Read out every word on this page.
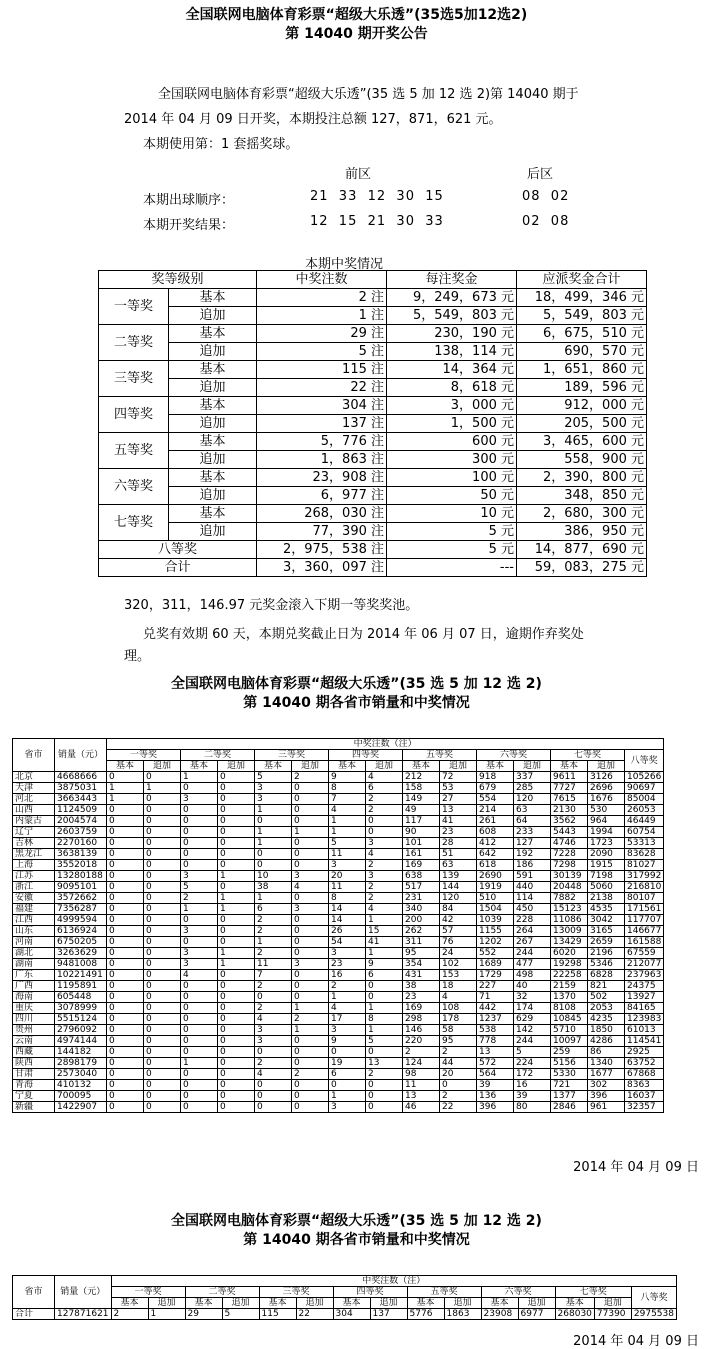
全国联网电脑体育彩票“超级大乐透”(35选5加12选2)
第 14040 期开奖公告
全国联网电脑体育彩票“超级大乐透”(35 选 5 加 12 选 2)第 14040 期于
2014 年 04 月 09 日开奖，本期投注总额 127，871，621 元。
本期使用第：1 套摇奖球。
前区	后区
本期出球顺序：	21  33  12  30  15	08  02
本期开奖结果：	12  15  21  30  33	02  08
本期中奖情况
奖等级别		中奖注数	每注奖金	应派奖金合计
一等奖	基本	2 注	9，249，673 元	18，499，346 元
	追加	1 注	5，549，803 元	5，549，803 元
二等奖	基本	29 注	230，190 元	6，675，510 元
	追加	5 注	138，114 元	690，570 元
三等奖	基本	115 注	14，364 元	1，651，860 元
	追加	22 注	8，618 元	189，596 元
四等奖	基本	304 注	3，000 元	912，000 元
	追加	137 注	1，500 元	205，500 元
五等奖	基本	5，776 注	600 元	3，465，600 元
	追加	1，863 注	300 元	558，900 元
六等奖	基本	23，908 注	100 元	2，390，800 元
	追加	6，977 注	50 元	348，850 元
七等奖	基本	268，030 注	10 元	2，680，300 元
	追加	77，390 注	5 元	386，950 元
八等奖		2，975，538 注	5 元	14，877，690 元
合计		3，360，097 注	---	59，083，275 元
320，311，146.97 元奖金滚入下期一等奖奖池。
兑奖有效期 60 天，本期兑奖截止日为 2014 年 06 月 07 日，逾期作弃奖处
理。
全国联网电脑体育彩票“超级大乐透”(35 选 5 加 12 选 2)
第 14040 期各省市销量和中奖情况
省市	销量（元）	中奖注数（注）														
		一等奖		二等奖		三等奖		四等奖		五等奖		六等奖		七等奖		八等奖
		基本	追加	基本	追加	基本	追加	基本	追加	基本	追加	基本	追加	基本	追加	
北京	4668666	0	0	1	0	5	2	9	4	212	72	918	337	9611	3126	105266
天津	3875031	1	1	0	0	3	0	8	6	158	53	679	285	7727	2696	90697
河北	3663443	1	0	3	0	3	0	7	2	149	27	554	120	7615	1676	85004
山西	1124509	0	0	0	0	1	0	4	2	49	13	214	63	2130	530	26053
内蒙古	2004574	0	0	0	0	0	0	1	0	117	41	261	64	3562	964	46449
辽宁	2603759	0	0	0	0	1	1	1	0	90	23	608	233	5443	1994	60754
吉林	2270160	0	0	0	0	1	0	5	3	101	28	412	127	4746	1723	53313
黑龙江	3638139	0	0	0	0	0	0	11	4	161	51	642	192	7228	2090	83628
上海	3552018	0	0	0	0	0	0	3	2	169	63	618	186	7298	1915	81027
江苏	13280188	0	0	3	1	10	3	20	3	638	139	2690	591	30139	7198	317992
浙江	9095101	0	0	5	0	38	4	11	2	517	144	1919	440	20448	5060	216810
安徽	3572662	0	0	2	1	1	0	8	2	231	120	510	114	7882	2138	80107
福建	7356287	0	0	1	1	6	3	14	4	340	84	1504	450	15123	4535	171561
江西	4999594	0	0	0	0	2	0	14	1	200	42	1039	228	11086	3042	117707
山东	6136924	0	0	3	0	2	0	26	15	262	57	1155	264	13009	3165	146677
河南	6750205	0	0	0	0	1	0	54	41	311	76	1202	267	13429	2659	161588
湖北	3263629	0	0	3	1	2	0	3	1	95	24	552	244	6020	2196	67559
湖南	9481008	0	0	3	1	11	3	23	9	354	102	1689	477	19298	5346	212077
广东	10221491	0	0	4	0	7	0	16	6	431	153	1729	498	22258	6828	237963
广西	1195891	0	0	0	0	2	0	2	0	38	18	227	40	2159	821	24375
海南	605448	0	0	0	0	0	0	1	0	23	4	71	32	1370	502	13927
重庆	3078999	0	0	0	0	2	1	4	1	169	108	442	174	8108	2053	84165
四川	5515124	0	0	0	0	4	2	17	8	298	178	1237	629	10845	4235	123983
贵州	2796092	0	0	0	0	3	1	3	1	146	58	538	142	5710	1850	61013
云南	4974144	0	0	0	0	3	0	9	5	220	95	778	244	10097	4286	114541
西藏	144182	0	0	0	0	0	0	0	0	2	2	13	5	259	86	2925
陕西	2898179	0	0	1	0	2	0	19	13	124	44	572	224	5156	1340	63752
甘肃	2573040	0	0	0	0	4	2	6	2	98	20	564	172	5330	1677	67868
青海	410132	0	0	0	0	0	0	0	0	11	0	39	16	721	302	8363
宁夏	700095	0	0	0	0	0	0	1	0	13	2	136	39	1377	396	16037
新疆	1422907	0	0	0	0	0	0	3	0	46	22	396	80	2846	961	32357
2014 年 04 月 09 日
全国联网电脑体育彩票“超级大乐透”(35 选 5 加 12 选 2)
第 14040 期各省市销量和中奖情况
省市	销量（元）	中奖注数（注）														
		一等奖		二等奖		三等奖		四等奖		五等奖		六等奖		七等奖		八等奖
		基本	追加	基本	追加	基本	追加	基本	追加	基本	追加	基本	追加	基本	追加	
合计	127871621	2	1	29	5	115	22	304	137	5776	1863	23908	6977	268030	77390	2975538
2014 年 04 月 09 日
